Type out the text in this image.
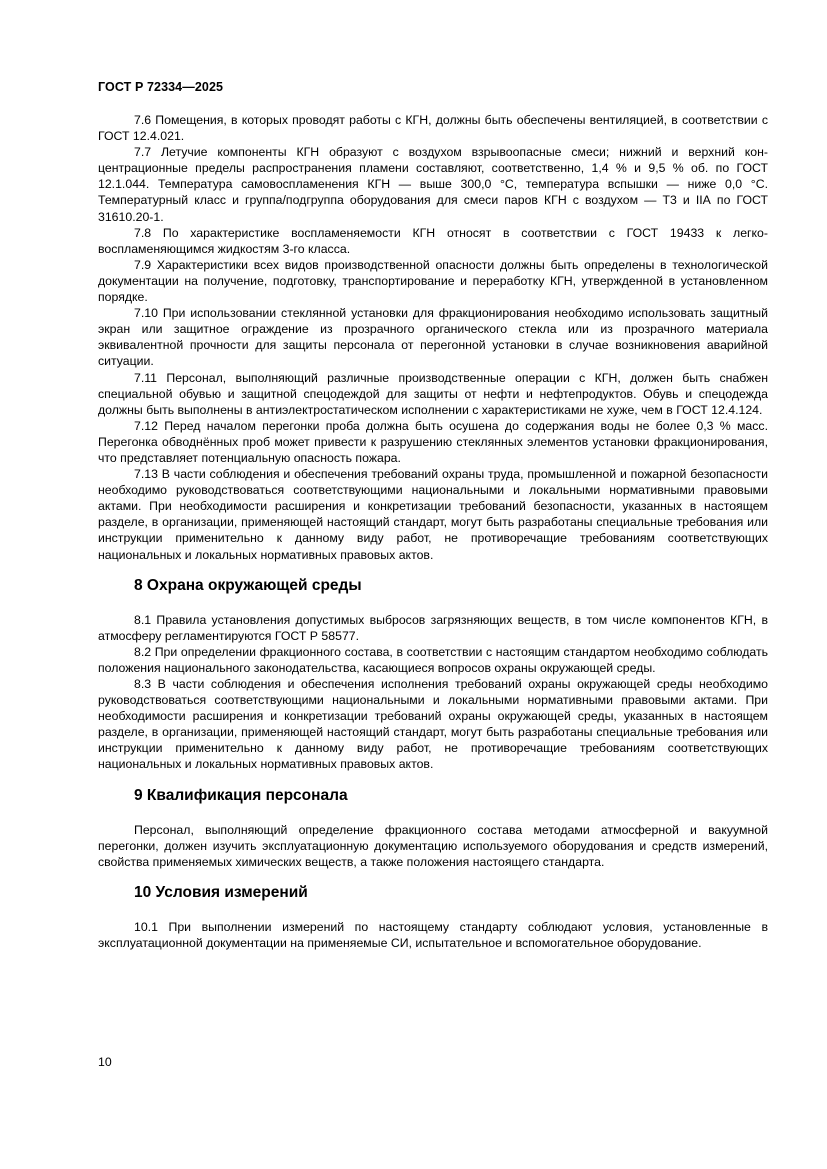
ГОСТ Р 72334—2025

7.6 Помещения, в которых проводят работы с КГН, должны быть обеспечены вентиляцией, в соответствии с ГОСТ 12.4.021.

7.7 Летучие компоненты КГН образуют с воздухом взрывоопасные смеси; нижний и верхний концентрационные пределы распространения пламени составляют, соответственно, 1,4 % и 9,5 % об. по ГОСТ 12.1.044. Температура самовоспламенения КГН — выше 300,0 °С, температура вспышки — ниже 0,0 °С. Температурный класс и группа/подгруппа оборудования для смеси паров КГН с воздухом — Т3 и IIА по ГОСТ 31610.20-1.

7.8 По характеристике воспламеняемости КГН относят в соответствии с ГОСТ 19433 к легковоспламеняющимся жидкостям 3-го класса.

7.9 Характеристики всех видов производственной опасности должны быть определены в технологической документации на получение, подготовку, транспортирование и переработку КГН, утвержденной в установленном порядке.

7.10 При использовании стеклянной установки для фракционирования необходимо использовать защитный экран или защитное ограждение из прозрачного органического стекла или из прозрачного материала эквивалентной прочности для защиты персонала от перегонной установки в случае возникновения аварийной ситуации.

7.11 Персонал, выполняющий различные производственные операции с КГН, должен быть снабжен специальной обувью и защитной спецодеждой для защиты от нефти и нефтепродуктов. Обувь и спецодежда должны быть выполнены в антиэлектростатическом исполнении с характеристиками не хуже, чем в ГОСТ 12.4.124.

7.12 Перед началом перегонки проба должна быть осушена до содержания воды не более 0,3 % масс. Перегонка обводнённых проб может привести к разрушению стеклянных элементов установки фракционирования, что представляет потенциальную опасность пожара.

7.13 В части соблюдения и обеспечения требований охраны труда, промышленной и пожарной безопасности необходимо руководствоваться соответствующими национальными и локальными нормативными правовыми актами. При необходимости расширения и конкретизации требований безопасности, указанных в настоящем разделе, в организации, применяющей настоящий стандарт, могут быть разработаны специальные требования или инструкции применительно к данному виду работ, не противоречащие требованиям соответствующих национальных и локальных нормативных правовых актов.

8 Охрана окружающей среды

8.1 Правила установления допустимых выбросов загрязняющих веществ, в том числе компонентов КГН, в атмосферу регламентируются ГОСТ Р 58577.

8.2 При определении фракционного состава, в соответствии с настоящим стандартом необходимо соблюдать положения национального законодательства, касающиеся вопросов охраны окружающей среды.

8.3 В части соблюдения и обеспечения исполнения требований охраны окружающей среды необходимо руководствоваться соответствующими национальными и локальными нормативными правовыми актами. При необходимости расширения и конкретизации требований охраны окружающей среды, указанных в настоящем разделе, в организации, применяющей настоящий стандарт, могут быть разработаны специальные требования или инструкции применительно к данному виду работ, не противоречащие требованиям соответствующих национальных и локальных нормативных правовых актов.

9 Квалификация персонала

Персонал, выполняющий определение фракционного состава методами атмосферной и вакуумной перегонки, должен изучить эксплуатационную документацию используемого оборудования и средств измерений, свойства применяемых химических веществ, а также положения настоящего стандарта.

10 Условия измерений

10.1 При выполнении измерений по настоящему стандарту соблюдают условия, установленные в эксплуатационной документации на применяемые СИ, испытательное и вспомогательное оборудование.

10
